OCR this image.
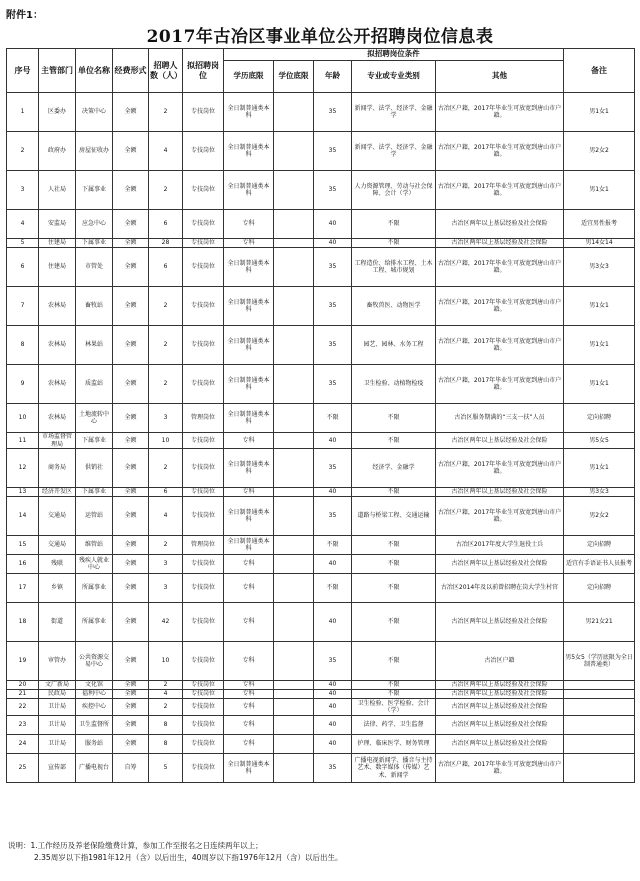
附件1：
2017年古冶区事业单位公开招聘岗位信息表
序号	主管部门	单位名称	经费形式	招聘人数（人）	拟招聘岗位	拟招聘岗位条件					备注
						学历底限	学位底限	年龄	专业或专业类别	其他	
1	区委办	决策中心	全额	2	专技岗位	全日制普通类本科		35	新闻学、法学、经济学、金融学	古冶区户籍，2017年毕业生可放宽到唐山市户籍。	男1女1
2	政府办	房屋征收办	全额	4	专技岗位	全日制普通类本科		35	新闻学、法学、经济学、金融学	古冶区户籍，2017年毕业生可放宽到唐山市户籍。	男2女2
3	人社局	下属事业	全额	2	专技岗位	全日制普通类本科		35	人力资源管理、劳动与社会保障、会计（学）	古冶区户籍，2017年毕业生可放宽到唐山市户籍。	男1女1
4	安监局	应急中心	全额	6	专技岗位	专科		40	不限	古冶区两年以上基层经验及社会保险	适宜男性报考
5	住建局	下属事业	全额	28	专技岗位	专科		40	不限	古冶区两年以上基层经验及社会保险	男14女14
6	住建局	市管处	全额	6	专技岗位	全日制普通类本科		35	工程造价、给排水工程、土木工程、城市规划	古冶区户籍，2017年毕业生可放宽到唐山市户籍。	男3女3
7	农林局	畜牧站	全额	2	专技岗位	全日制普通类本科		35	畜牧兽医、动物医学	古冶区户籍，2017年毕业生可放宽到唐山市户籍。	男1女1
8	农林局	林果站	全额	2	专技岗位	全日制普通类本科		35	园艺、园林、水务工程	古冶区户籍，2017年毕业生可放宽到唐山市户籍。	男1女1
9	农林局	质监站	全额	2	专技岗位	全日制普通类本科		35	卫生检验、动植物检疫	古冶区户籍，2017年毕业生可放宽到唐山市户籍。	男1女1
10	农林局	土地流转中心	全额	3	管理岗位	全日制普通类本科		不限	不限	古冶区服务期满的“三支一扶”人员	定向招聘
11	市场监督管理局	下属事业	全额	10	专技岗位	专科		40	不限	古冶区两年以上基层经验及社会保险	男5女5
12	商务局	供销社	全额	2	专技岗位	全日制普通类本科		35	经济学、金融学	古冶区户籍，2017年毕业生可放宽到唐山市户籍。	男1女1
13	经济开发区	下属事业	全额	6	专技岗位	专科		40	不限	古冶区两年以上基层经验及社会保险	男3女3
14	交通局	运管站	全额	4	专技岗位	全日制普通类本科		35	道路与桥梁工程、交通运输	古冶区户籍，2017年毕业生可放宽到唐山市户籍。	男2女2
15	交通局	维管站	全额	2	管理岗位	全日制普通类本科		不限	不限	古冶区2017年度大学生退役士兵	定向招聘
16	残联	残疾人就业中心	全额	3	专技岗位	专科		40	不限	古冶区两年以上基层经验及社会保险	适宜有手语证书人员报考
17	乡镇	所属事业	全额	3	专技岗位	专科		不限	不限	古冶区2014年及以前曾招聘在岗大学生村官	定向招聘
18	街道	所属事业	全额	42	专技岗位	专科		40	不限	古冶区两年以上基层经验及社会保险	男21女21
19	审管办	公共资源交易中心	全额	10	专技岗位	专科		35	不限	古冶区户籍	男5女5（学历底限为全日制普通类）
20	文广新局	文化馆	全额	2	专技岗位	专科		40	不限	古冶区两年以上基层经验及社会保险	
21	民政局	福利中心	全额	4	专技岗位	专科		40	不限	古冶区两年以上基层经验及社会保险	
22	卫计局	疾控中心	全额	2	专技岗位	专科		40	卫生检验、医学检验、会计（学）	古冶区两年以上基层经验及社会保险	
23	卫计局	卫生监督所	全额	8	专技岗位	专科		40	法律、药学、卫生监督	古冶区两年以上基层经验及社会保险	
24	卫计局	服务站	全额	8	专技岗位	专科		40	护理、临床医学、财务管理	古冶区两年以上基层经验及社会保险	
25	宣传部	广播电视台	自筹	5	专技岗位	全日制普通类本科		35	广播电视新闻学、播音与主持艺术、数字媒体（传媒）艺术、新闻学	古冶区户籍，2017年毕业生可放宽到唐山市户籍。	
说明：1.工作经历及养老保险缴费计算，参加工作至报名之日连续两年以上；
2.35周岁以下指1981年12月（含）以后出生，40周岁以下指1976年12月（含）以后出生。
